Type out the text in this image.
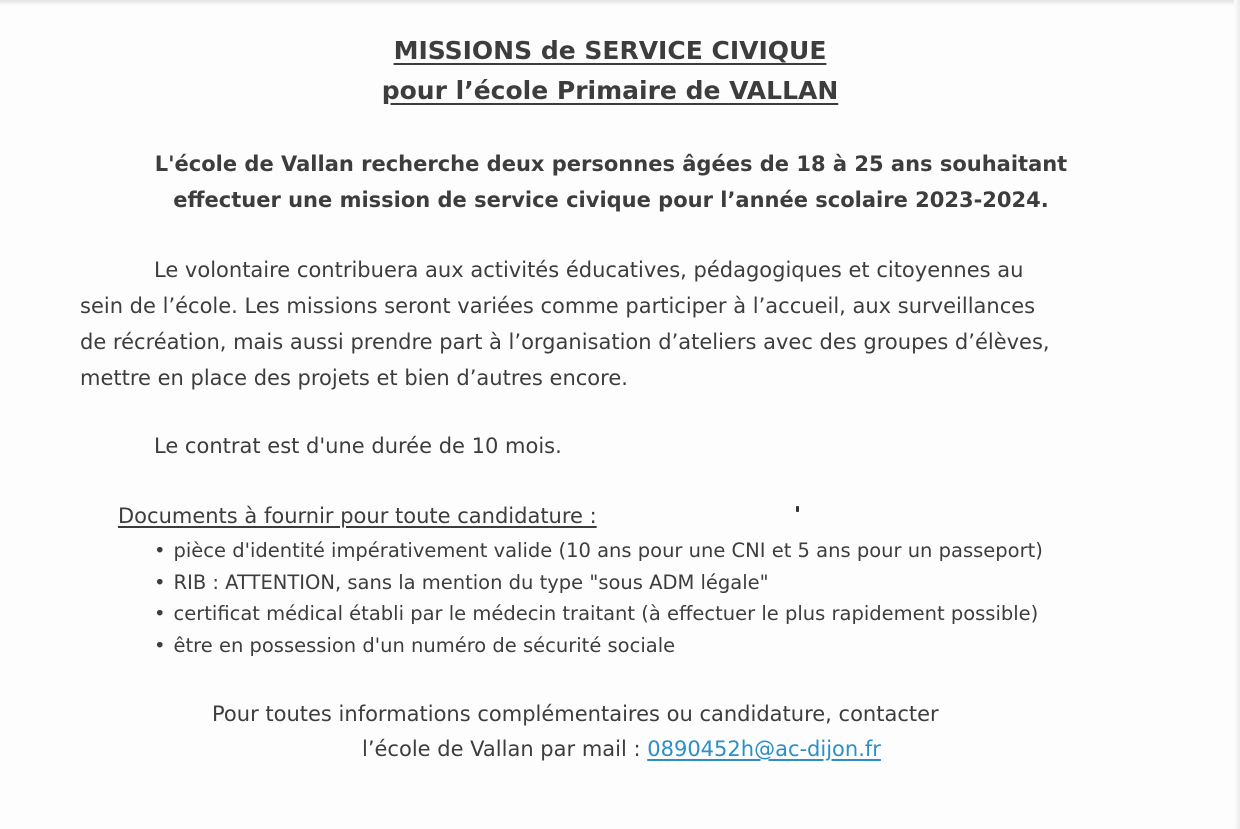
MISSIONS de SERVICE CIVIQUE
pour l’école Primaire de VALLAN
L'école de Vallan recherche deux personnes âgées de 18 à 25 ans souhaitant
effectuer une mission de service civique pour l’année scolaire 2023-2024.
Le volontaire contribuera aux activités éducatives, pédagogiques et citoyennes au
sein de l’école. Les missions seront variées comme participer à l’accueil, aux surveillances
de récréation, mais aussi prendre part à l’organisation d’ateliers avec des groupes d’élèves,
mettre en place des projets et bien d’autres encore.
Le contrat est d'une durée de 10 mois.
Documents à fournir pour toute candidature :
• pièce d'identité impérativement valide (10 ans pour une CNI et 5 ans pour un passeport)
• RIB : ATTENTION, sans la mention du type "sous ADM légale"
• certificat médical établi par le médecin traitant (à effectuer le plus rapidement possible)
• être en possession d'un numéro de sécurité sociale
Pour toutes informations complémentaires ou candidature, contacter
l’école de Vallan par mail : 0890452h@ac-dijon.fr
